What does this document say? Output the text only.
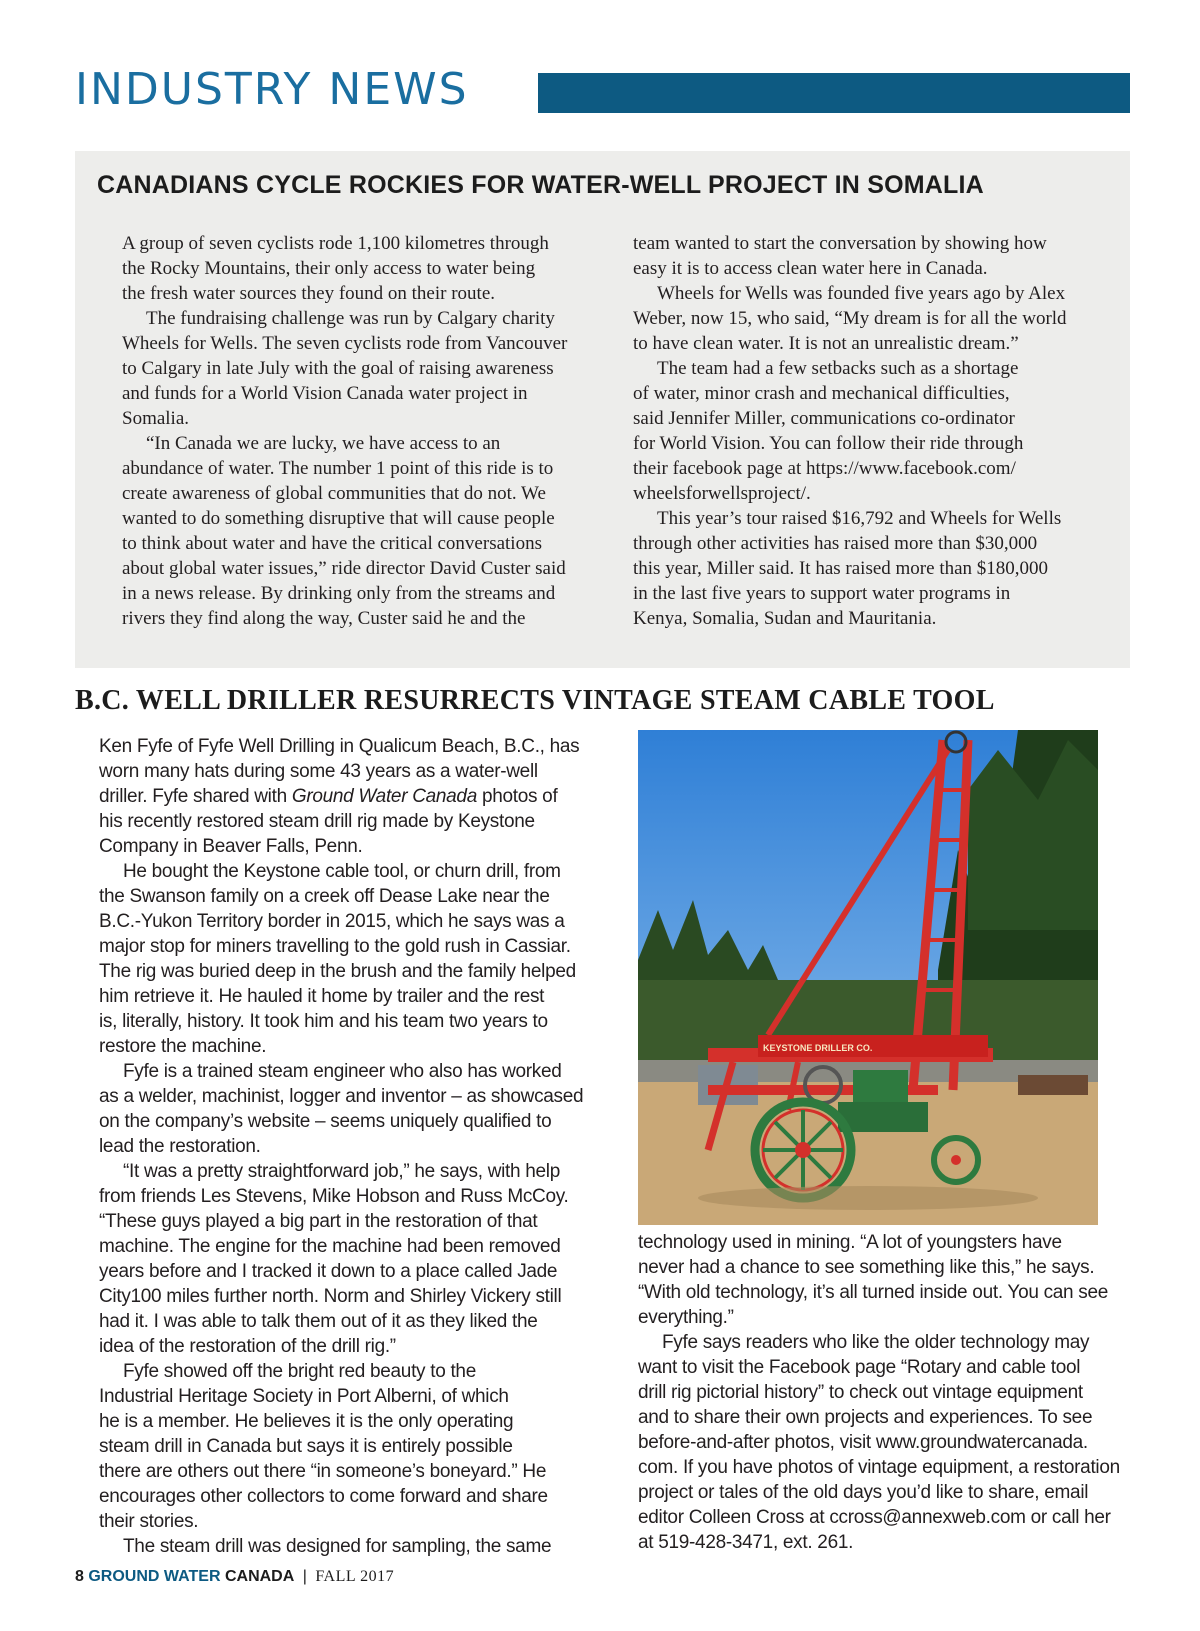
INDUSTRY NEWS
CANADIANS CYCLE ROCKIES FOR WATER-WELL PROJECT IN SOMALIA
A group of seven cyclists rode 1,100 kilometres through
the Rocky Mountains, their only access to water being
the fresh water sources they found on their route.
The fundraising challenge was run by Calgary charity
Wheels for Wells. The seven cyclists rode from Vancouver
to Calgary in late July with the goal of raising awareness
and funds for a World Vision Canada water project in
Somalia.
“In Canada we are lucky, we have access to an
abundance of water. The number 1 point of this ride is to
create awareness of global communities that do not. We
wanted to do something disruptive that will cause people
to think about water and have the critical conversations
about global water issues,” ride director David Custer said
in a news release. By drinking only from the streams and
rivers they find along the way, Custer said he and the
team wanted to start the conversation by showing how
easy it is to access clean water here in Canada.
Wheels for Wells was founded five years ago by Alex
Weber, now 15, who said, “My dream is for all the world
to have clean water. It is not an unrealistic dream.”
The team had a few setbacks such as a shortage
of water, minor crash and mechanical difficulties,
said Jennifer Miller, communications co-ordinator
for World Vision. You can follow their ride through
their facebook page at https://www.facebook.com/
wheelsforwellsproject/.
This year’s tour raised $16,792 and Wheels for Wells
through other activities has raised more than $30,000
this year, Miller said. It has raised more than $180,000
in the last five years to support water programs in
Kenya, Somalia, Sudan and Mauritania.
B.C. WELL DRILLER RESURRECTS VINTAGE STEAM CABLE TOOL
Ken Fyfe of Fyfe Well Drilling in Qualicum Beach, B.C., has
worn many hats during some 43 years as a water-well
driller. Fyfe shared with Ground Water Canada photos of
his recently restored steam drill rig made by Keystone
Company in Beaver Falls, Penn.
He bought the Keystone cable tool, or churn drill, from
the Swanson family on a creek off Dease Lake near the
B.C.-Yukon Territory border in 2015, which he says was a
major stop for miners travelling to the gold rush in Cassiar.
The rig was buried deep in the brush and the family helped
him retrieve it. He hauled it home by trailer and the rest
is, literally, history. It took him and his team two years to
restore the machine.
Fyfe is a trained steam engineer who also has worked
as a welder, machinist, logger and inventor – as showcased
on the company’s website – seems uniquely qualified to
lead the restoration.
“It was a pretty straightforward job,” he says, with help
from friends Les Stevens, Mike Hobson and Russ McCoy.
“These guys played a big part in the restoration of that
machine. The engine for the machine had been removed
years before and I tracked it down to a place called Jade
City100 miles further north. Norm and Shirley Vickery still
had it. I was able to talk them out of it as they liked the
idea of the restoration of the drill rig.”
Fyfe showed off the bright red beauty to the
Industrial Heritage Society in Port Alberni, of which
he is a member. He believes it is the only operating
steam drill in Canada but says it is entirely possible
there are others out there “in someone’s boneyard.” He
encourages other collectors to come forward and share
their stories.
The steam drill was designed for sampling, the same
KEYSTONE DRILLER CO.
technology used in mining. “A lot of youngsters have
never had a chance to see something like this,” he says.
“With old technology, it’s all turned inside out. You can see
everything.”
Fyfe says readers who like the older technology may
want to visit the Facebook page “Rotary and cable tool
drill rig pictorial history” to check out vintage equipment
and to share their own projects and experiences. To see
before-and-after photos, visit www.groundwatercanada.
com. If you have photos of vintage equipment, a restoration
project or tales of the old days you’d like to share, email
editor Colleen Cross at ccross@annexweb.com or call her
at 519-428-3471, ext. 261.
8 GROUND WATER CANADA | FALL 2017
